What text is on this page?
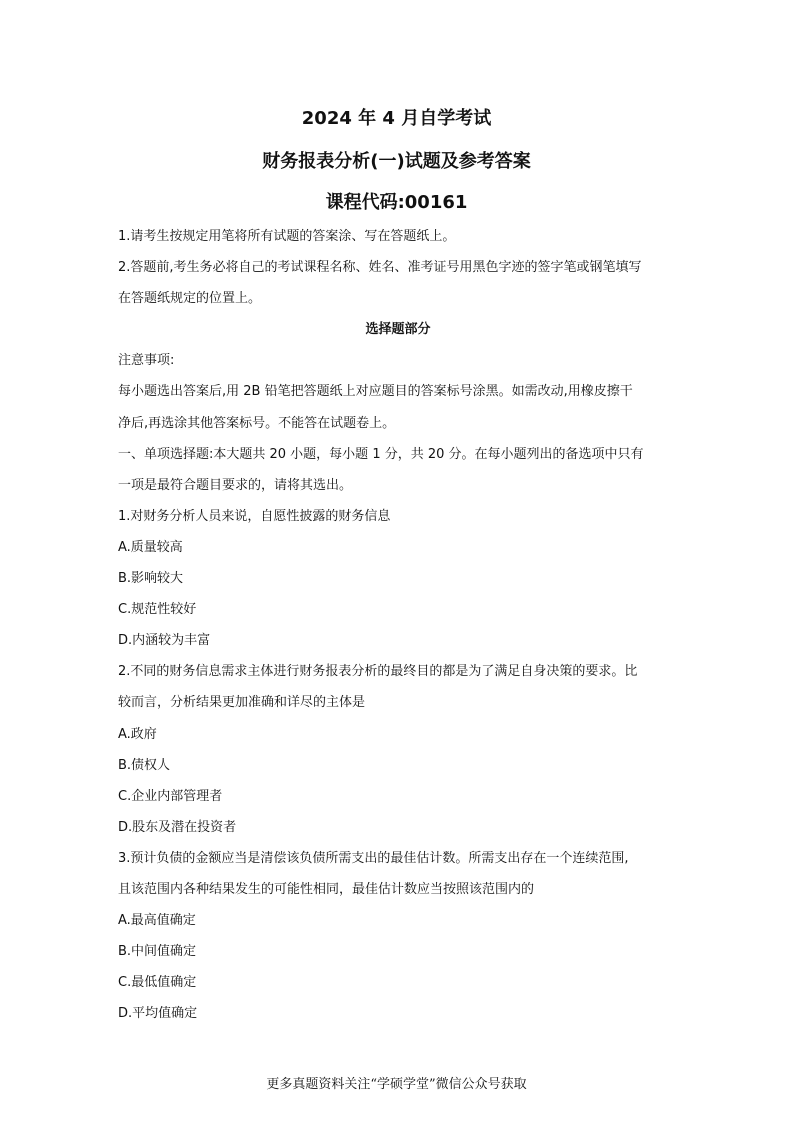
2024 年 4 月自学考试
财务报表分析(一)试题及参考答案
课程代码:00161
1.请考生按规定用笔将所有试题的答案涂、写在答题纸上。
2.答题前,考生务必将自己的考试课程名称、姓名、准考证号用黑色字迹的签字笔或钢笔填写
在答题纸规定的位置上。
选择题部分
注意事项:
每小题选出答案后,用 2B 铅笔把答题纸上对应题目的答案标号涂黑。如需改动,用橡皮擦干
净后,再选涂其他答案标号。不能答在试题卷上。
一、单项选择题:本大题共 20 小题，每小题 1 分，共 20 分。在每小题列出的备选项中只有
一项是最符合题目要求的，请将其选出。
1.对财务分析人员来说，自愿性披露的财务信息
A.质量较高
B.影响较大
C.规范性较好
D.内涵较为丰富
2.不同的财务信息需求主体进行财务报表分析的最终目的都是为了满足自身决策的要求。比
较而言，分析结果更加准确和详尽的主体是
A.政府
B.债权人
C.企业内部管理者
D.股东及潜在投资者
3.预计负债的金额应当是清偿该负债所需支出的最佳估计数。所需支出存在一个连续范围,
且该范围内各种结果发生的可能性相同，最佳估计数应当按照该范围内的
A.最高值确定
B.中间值确定
C.最低值确定
D.平均值确定
更多真题资料关注“学硕学堂”微信公众号获取
